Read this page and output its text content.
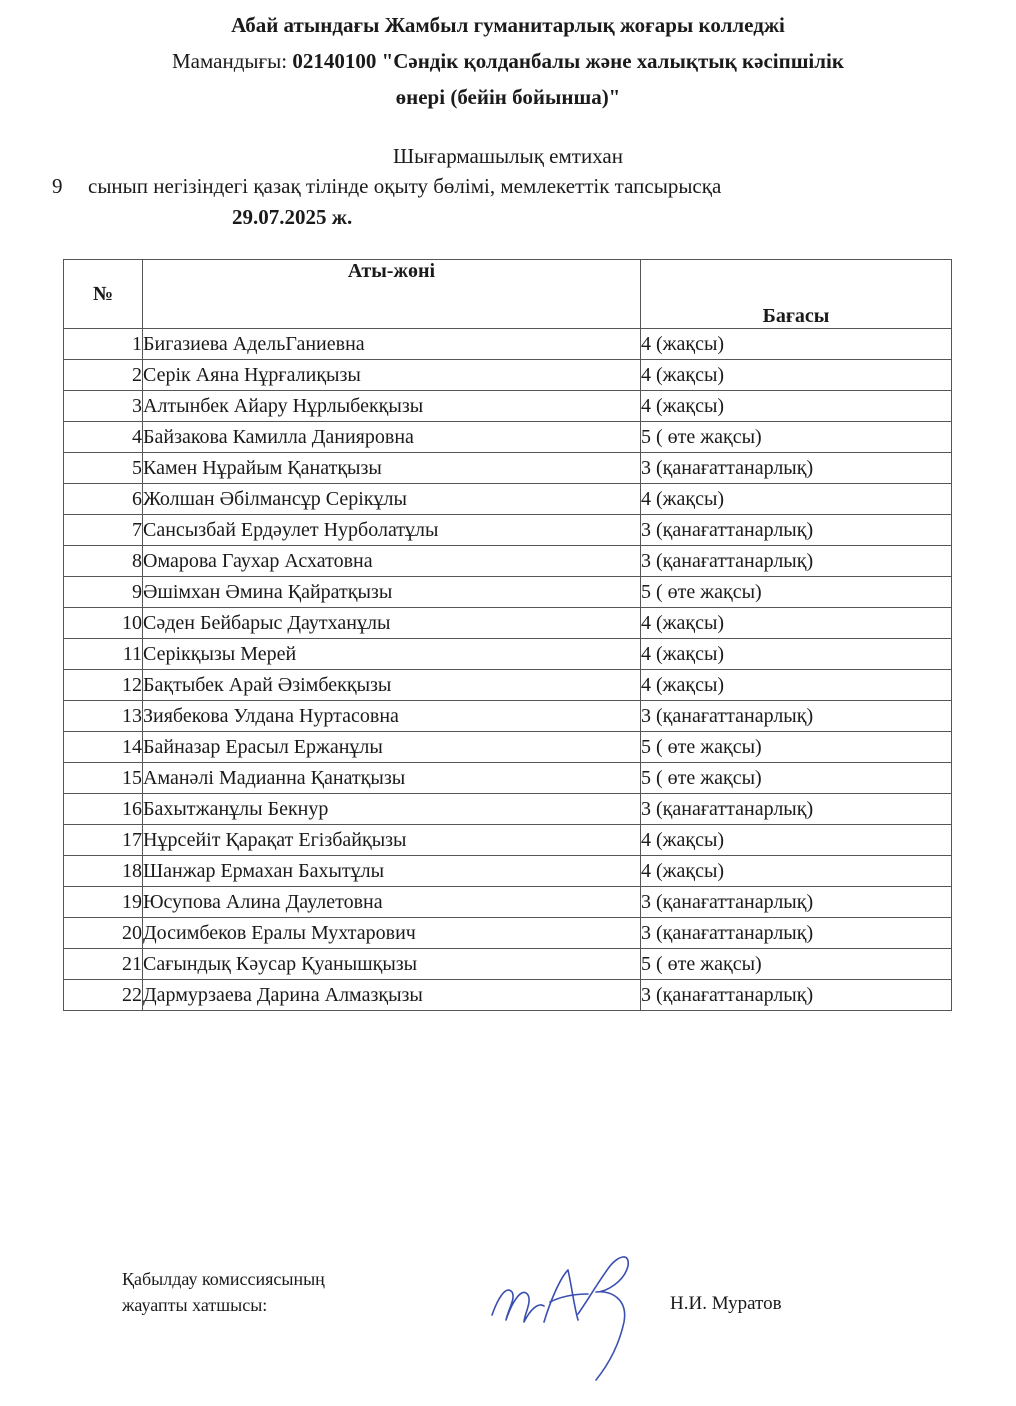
Абай атындағы Жамбыл гуманитарлық жоғары колледжі
Мамандығы: 02140100 "Сәндік қолданбалы және халықтық кәсіпшілік
өнері (бейін бойынша)"
Шығармашылық емтихан
9 сынып негізіндегі қазақ тілінде оқыту бөлімі, мемлекеттік тапсырысқа
29.07.2025 ж.
№	Аты-жөні	Бағасы
1	Бигазиева АдельГаниевна	4 (жақсы)
2	Серік Аяна Нұрғалиқызы	4 (жақсы)
3	Алтынбек Айару Нұрлыбекқызы	4 (жақсы)
4	Байзакова Камилла Данияровна	5 ( өте жақсы)
5	Камен Нұрайым Қанатқызы	3 (қанағаттанарлық)
6	Жолшан Әбілмансұр Серікұлы	4 (жақсы)
7	Сансызбай Ердәулет Нурболатұлы	3 (қанағаттанарлық)
8	Омарова Гаухар Асхатовна	3 (қанағаттанарлық)
9	Әшімхан Әмина Қайратқызы	5 ( өте жақсы)
10	Сәден Бейбарыс Даутханұлы	4 (жақсы)
11	Серікқызы Мерей	4 (жақсы)
12	Бақтыбек Арай Әзімбекқызы	4 (жақсы)
13	Зиябекова Улдана Нуртасовна	3 (қанағаттанарлық)
14	Байназар Ерасыл Ержанұлы	5 ( өте жақсы)
15	Аманәлі Мадианна Қанатқызы	5 ( өте жақсы)
16	Бахытжанұлы Бекнур	3 (қанағаттанарлық)
17	Нұрсейіт Қарақат Егізбайқызы	4 (жақсы)
18	Шанжар Ермахан Бахытұлы	4 (жақсы)
19	Юсупова Алина Даулетовна	3 (қанағаттанарлық)
20	Досимбеков Ералы Мухтарович	3 (қанағаттанарлық)
21	Сағындық Кәусар Қуанышқызы	5 ( өте жақсы)
22	Дармурзаева Дарина Алмазқызы	3 (қанағаттанарлық)
Қабылдау комиссиясының
жауапты хатшысы:	Н.И. Муратов
